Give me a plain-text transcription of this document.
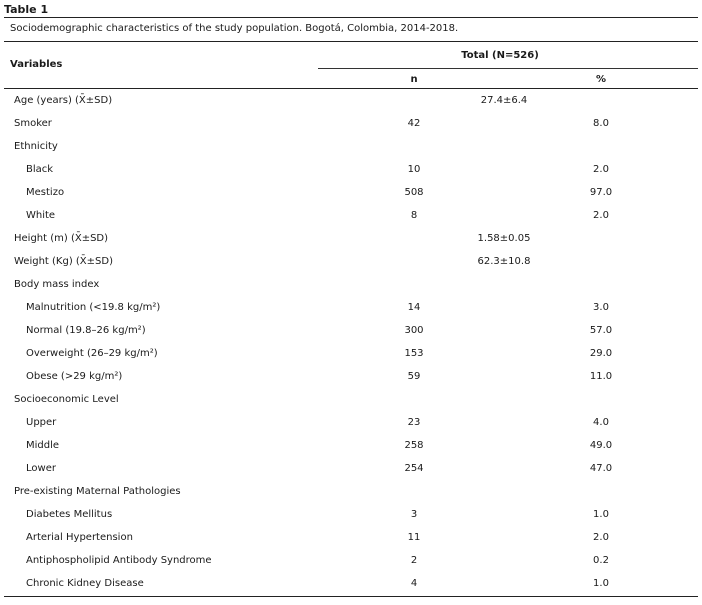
Table 1
Sociodemographic characteristics of the study population. Bogotá, Colombia, 2014-2018.
Variables
Total (N=526)
n	%
Age (years) (X̄±SD)	27.4±6.4
Smoker	42	8.0
Ethnicity
Black	10	2.0
Mestizo	508	97.0
White	8	2.0
Height (m) (X̄±SD)	1.58±0.05
Weight (Kg) (X̄±SD)	62.3±10.8
Body mass index
Malnutrition (<19.8 kg/m²)	14	3.0
Normal (19.8–26 kg/m²)	300	57.0
Overweight (26–29 kg/m²)	153	29.0
Obese (>29 kg/m²)	59	11.0
Socioeconomic Level
Upper	23	4.0
Middle	258	49.0
Lower	254	47.0
Pre-existing Maternal Pathologies
Diabetes Mellitus	3	1.0
Arterial Hypertension	11	2.0
Antiphospholipid Antibody Syndrome	2	0.2
Chronic Kidney Disease	4	1.0
